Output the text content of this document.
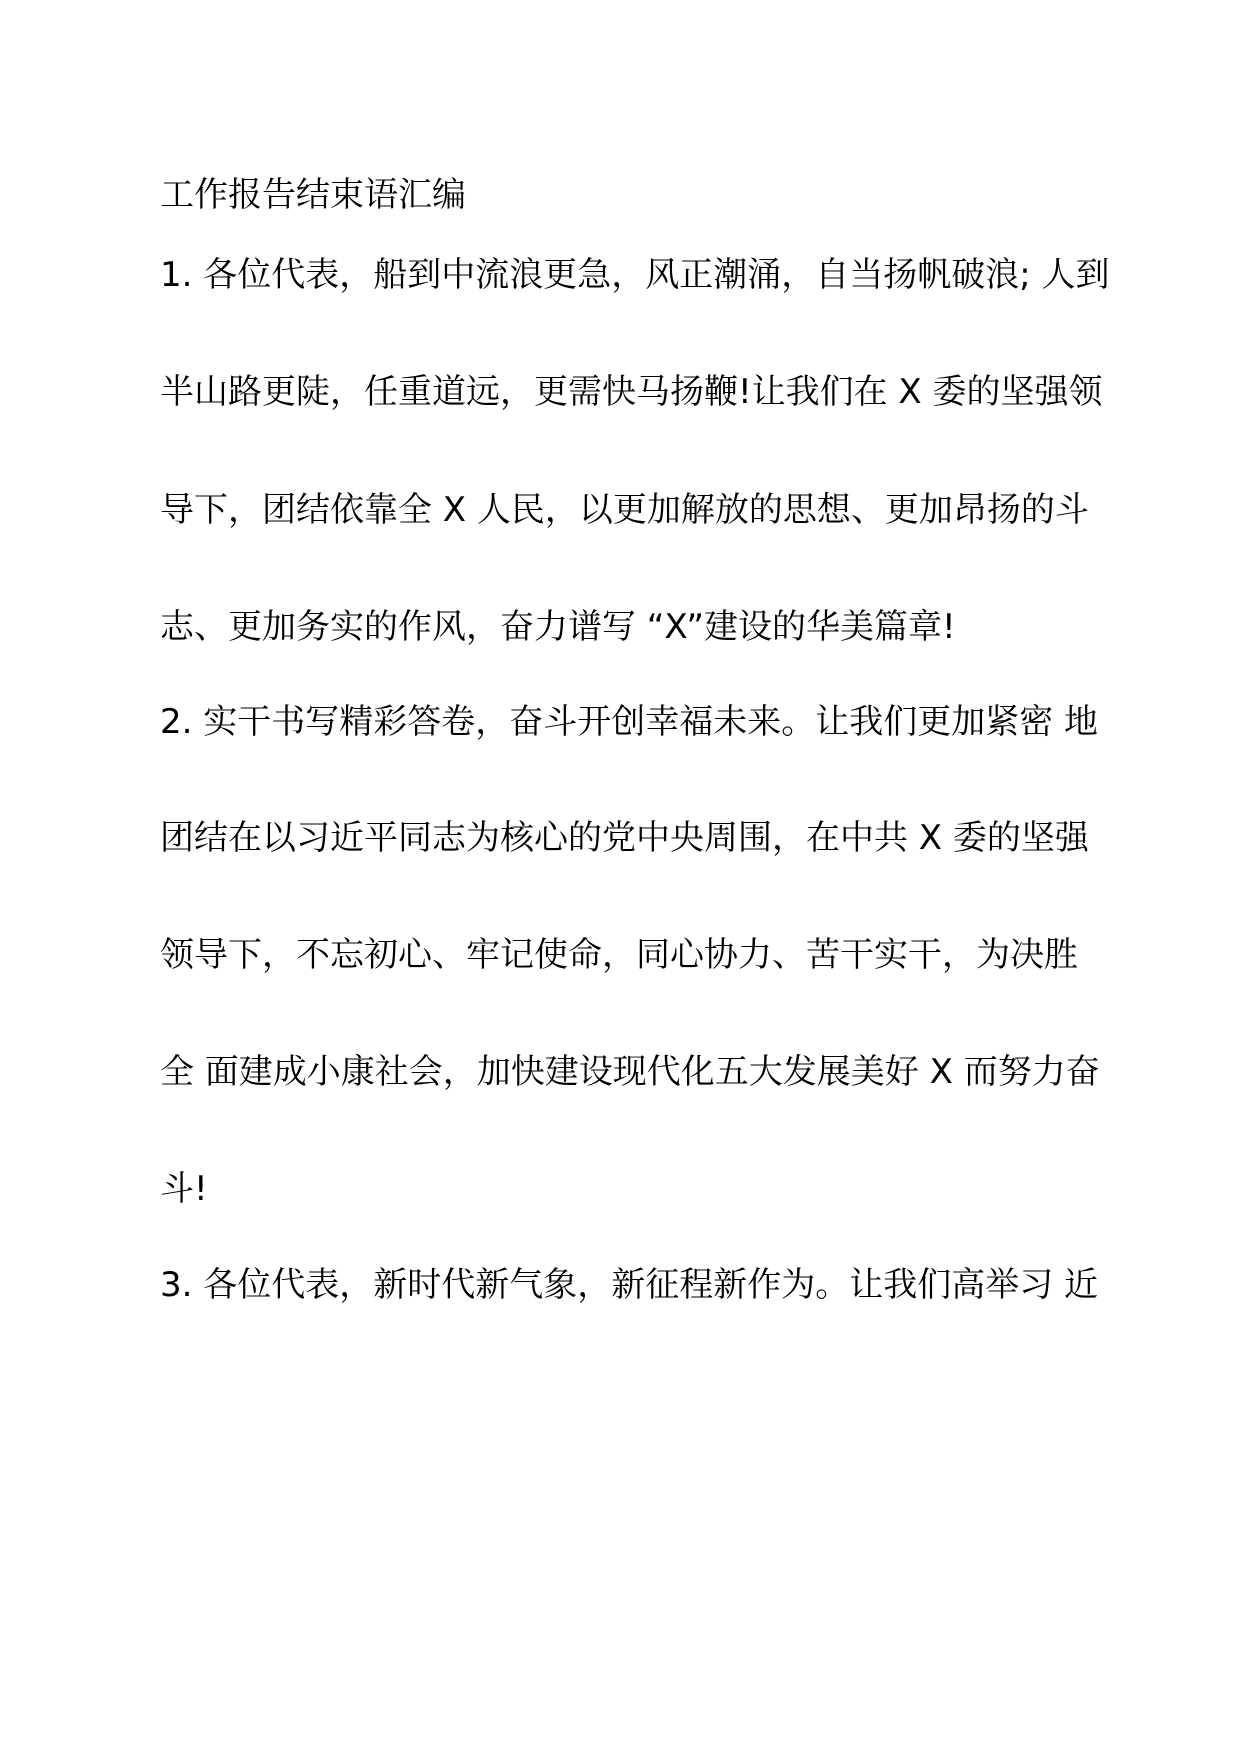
工作报告结束语汇编
1. 各位代表，船到中流浪更急，风正潮涌，自当扬帆破浪; 人到
半山路更陡，任重道远，更需快马扬鞭!让我们在 X 委的坚强领
导下，团结依靠全 X 人民，以更加解放的思想、更加昂扬的斗
志、更加务实的作风，奋力谱写 “X”建设的华美篇章!
2. 实干书写精彩答卷，奋斗开创幸福未来。让我们更加紧密 地
团结在以习近平同志为核心的党中央周围，在中共 X 委的坚强
领导下，不忘初心、牢记使命，同心协力、苦干实干，为决胜
全 面建成小康社会，加快建设现代化五大发展美好 X 而努力奋
斗!
3. 各位代表，新时代新气象，新征程新作为。让我们高举习 近
